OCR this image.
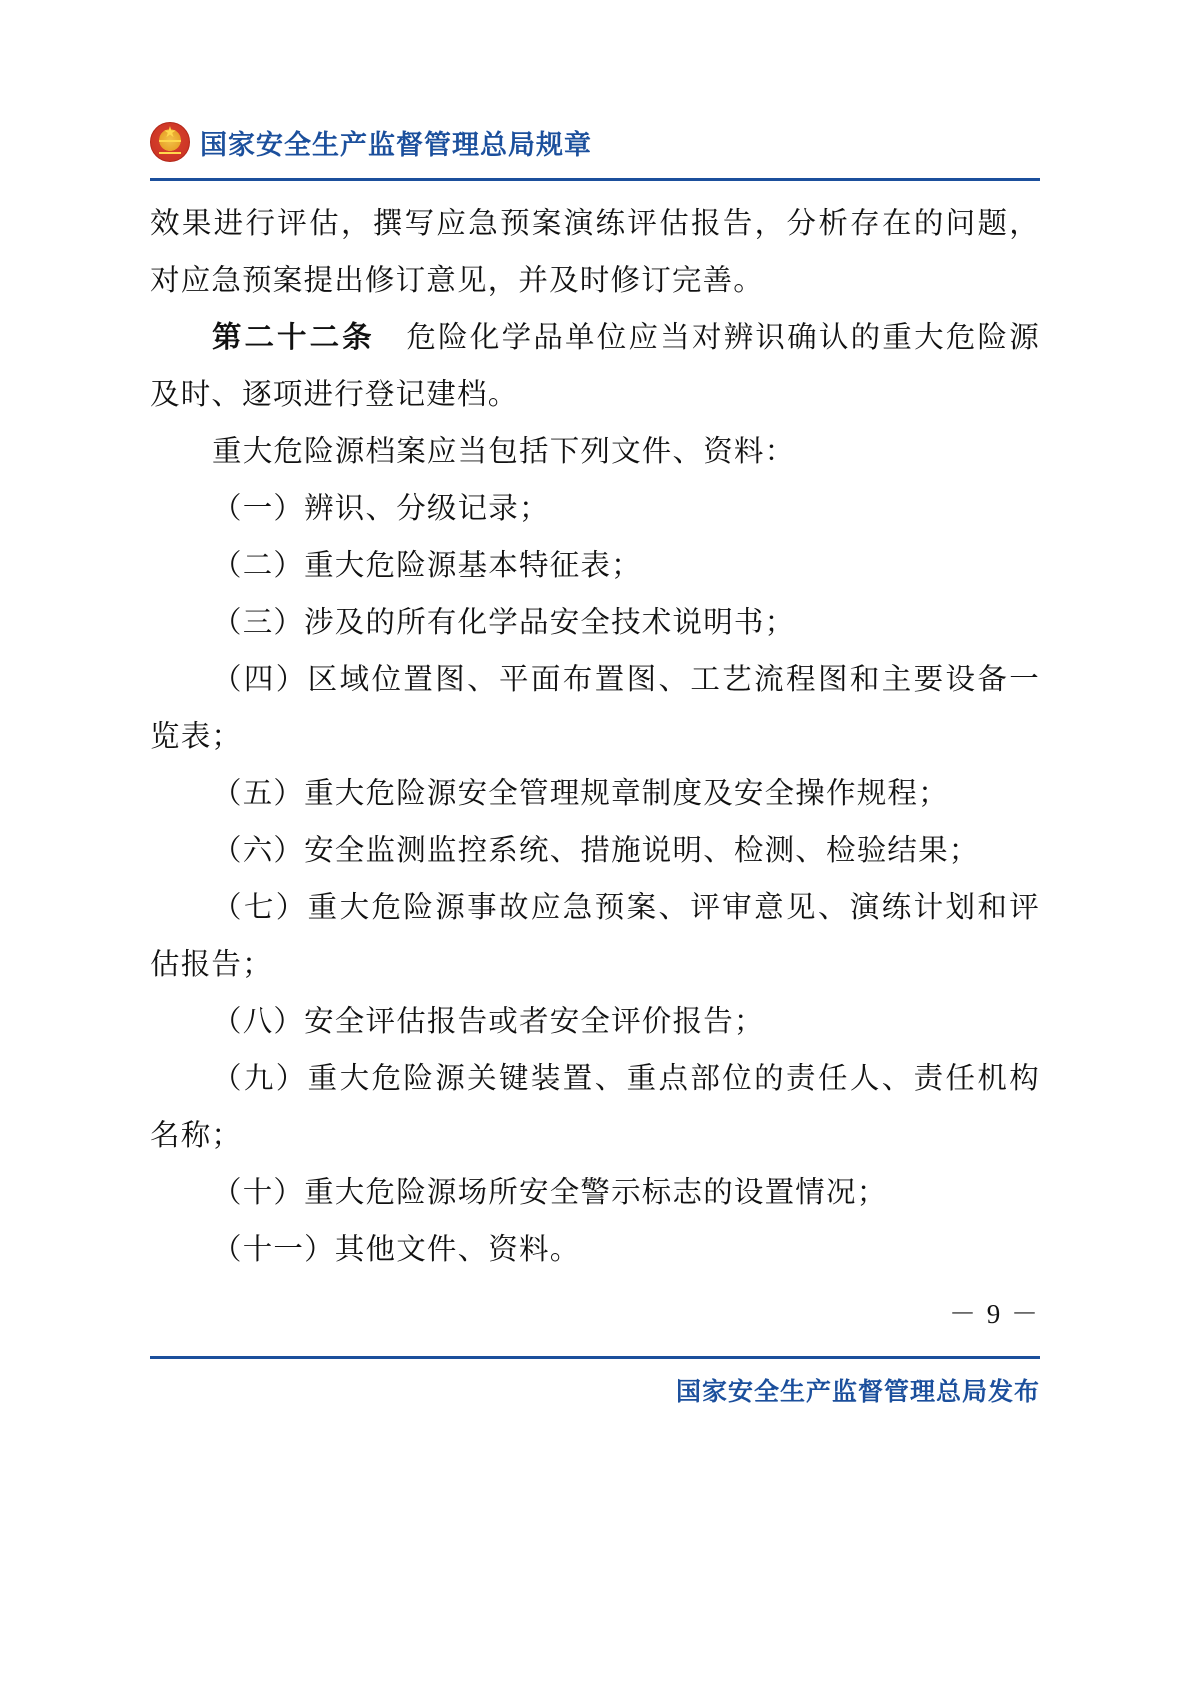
★
国家安全生产监督管理总局规章

效果进行评估，撰写应急预案演练评估报告，分析存在的问题，对应急预案提出修订意见，并及时修订完善。

第二十二条　 危险化学品单位应当对辨识确认的重大危险源及时、逐项进行登记建档。

重大危险源档案应当包括下列文件、资料：

（一）辨识、分级记录；

（二）重大危险源基本特征表；

（三）涉及的所有化学品安全技术说明书；

（四）区域位置图、平面布置图、工艺流程图和主要设备一览表；

（五）重大危险源安全管理规章制度及安全操作规程；

（六）安全监测监控系统、措施说明、检测、检验结果；

（七）重大危险源事故应急预案、评审意见、演练计划和评估报告；

（八）安全评估报告或者安全评价报告；

（九）重大危险源关键装置、重点部位的责任人、责任机构名称；

（十）重大危险源场所安全警示标志的设置情况；

（十一）其他文件、资料。

－ 9 －
国家安全生产监督管理总局发布
